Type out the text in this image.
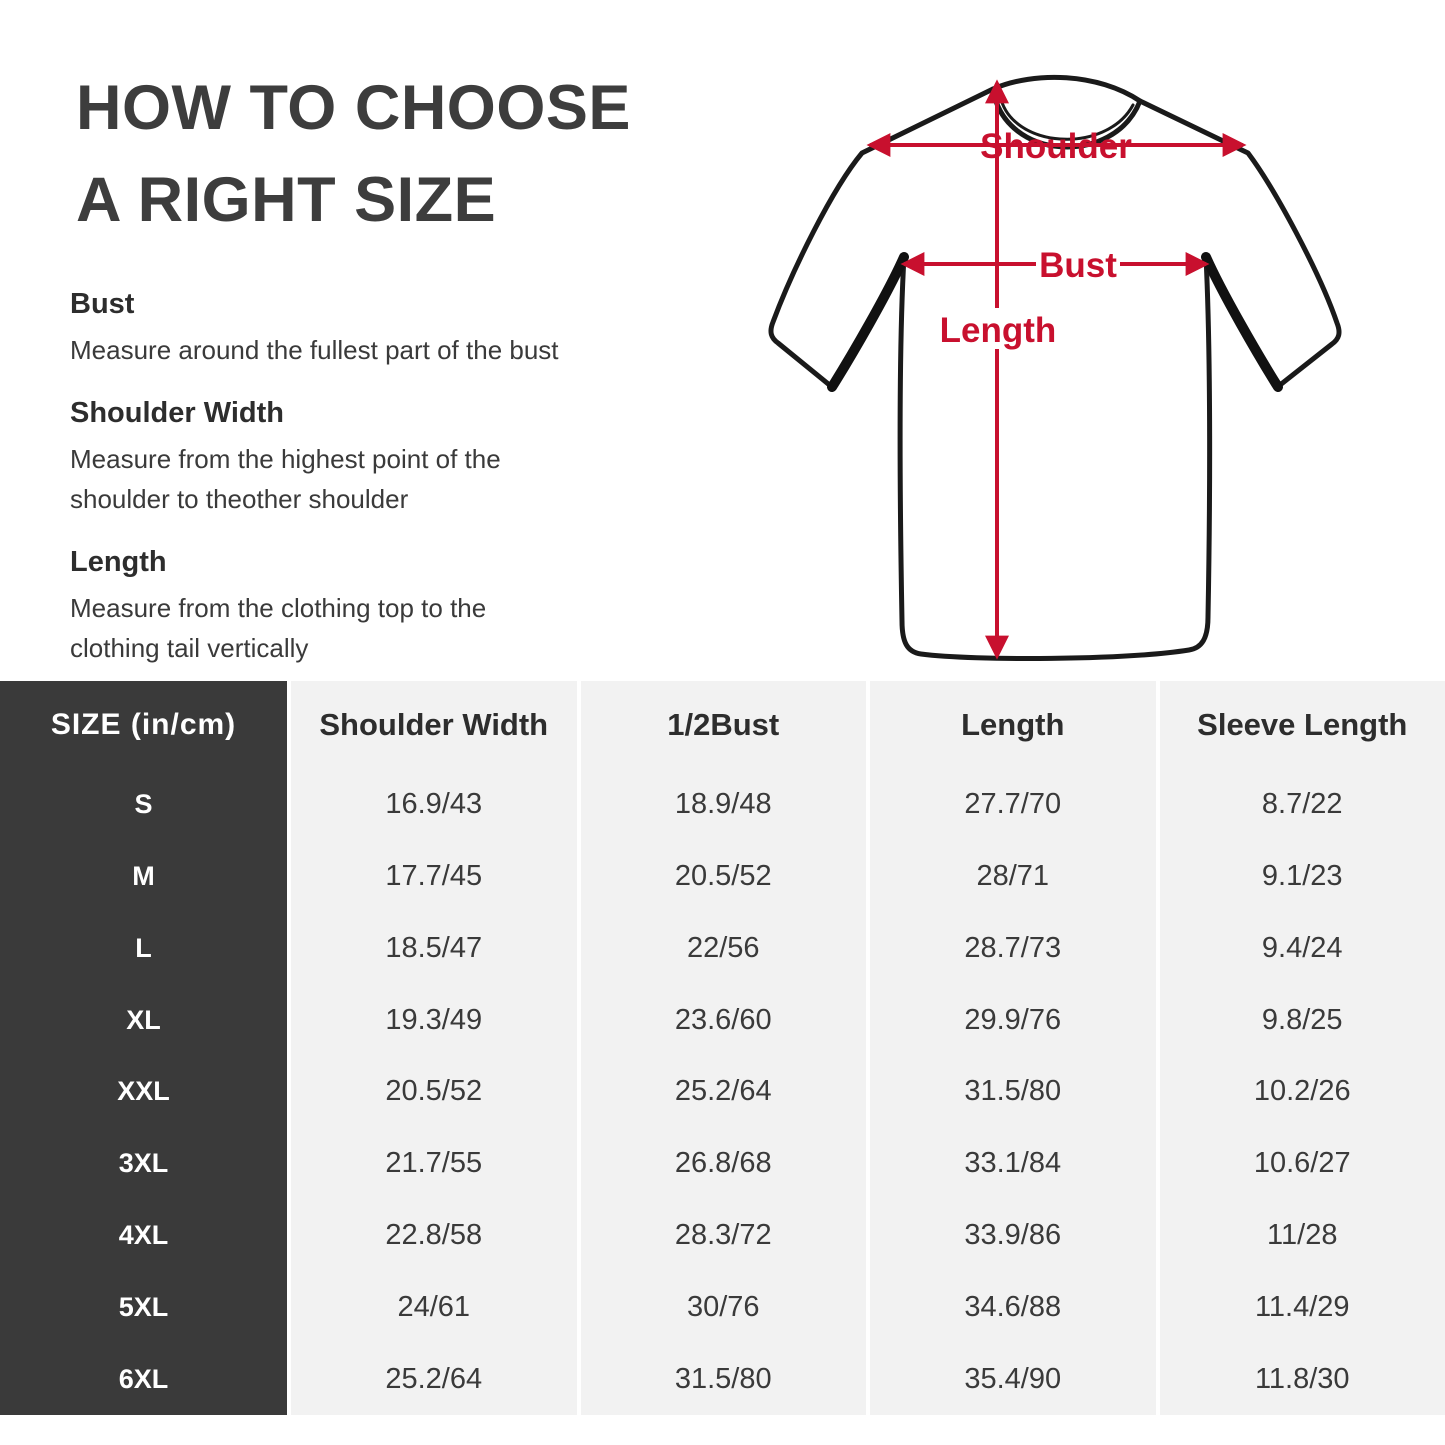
HOW TO CHOOSE
A RIGHT SIZE
Bust
Measure around the fullest part of the bust
Shoulder Width
Measure from the highest point of the
shoulder to theother shoulder
Length
Measure from the clothing top to the
clothing tail vertically
Shoulder
Bust
Length
SIZE (in/cm)
S
M
L
XL
XXL
3XL
4XL
5XL
6XL
Shoulder Width
16.9/43
17.7/45
18.5/47
19.3/49
20.5/52
21.7/55
22.8/58
24/61
25.2/64
1/2Bust
18.9/48
20.5/52
22/56
23.6/60
25.2/64
26.8/68
28.3/72
30/76
31.5/80
Length
27.7/70
28/71
28.7/73
29.9/76
31.5/80
33.1/84
33.9/86
34.6/88
35.4/90
Sleeve Length
8.7/22
9.1/23
9.4/24
9.8/25
10.2/26
10.6/27
11/28
11.4/29
11.8/30
